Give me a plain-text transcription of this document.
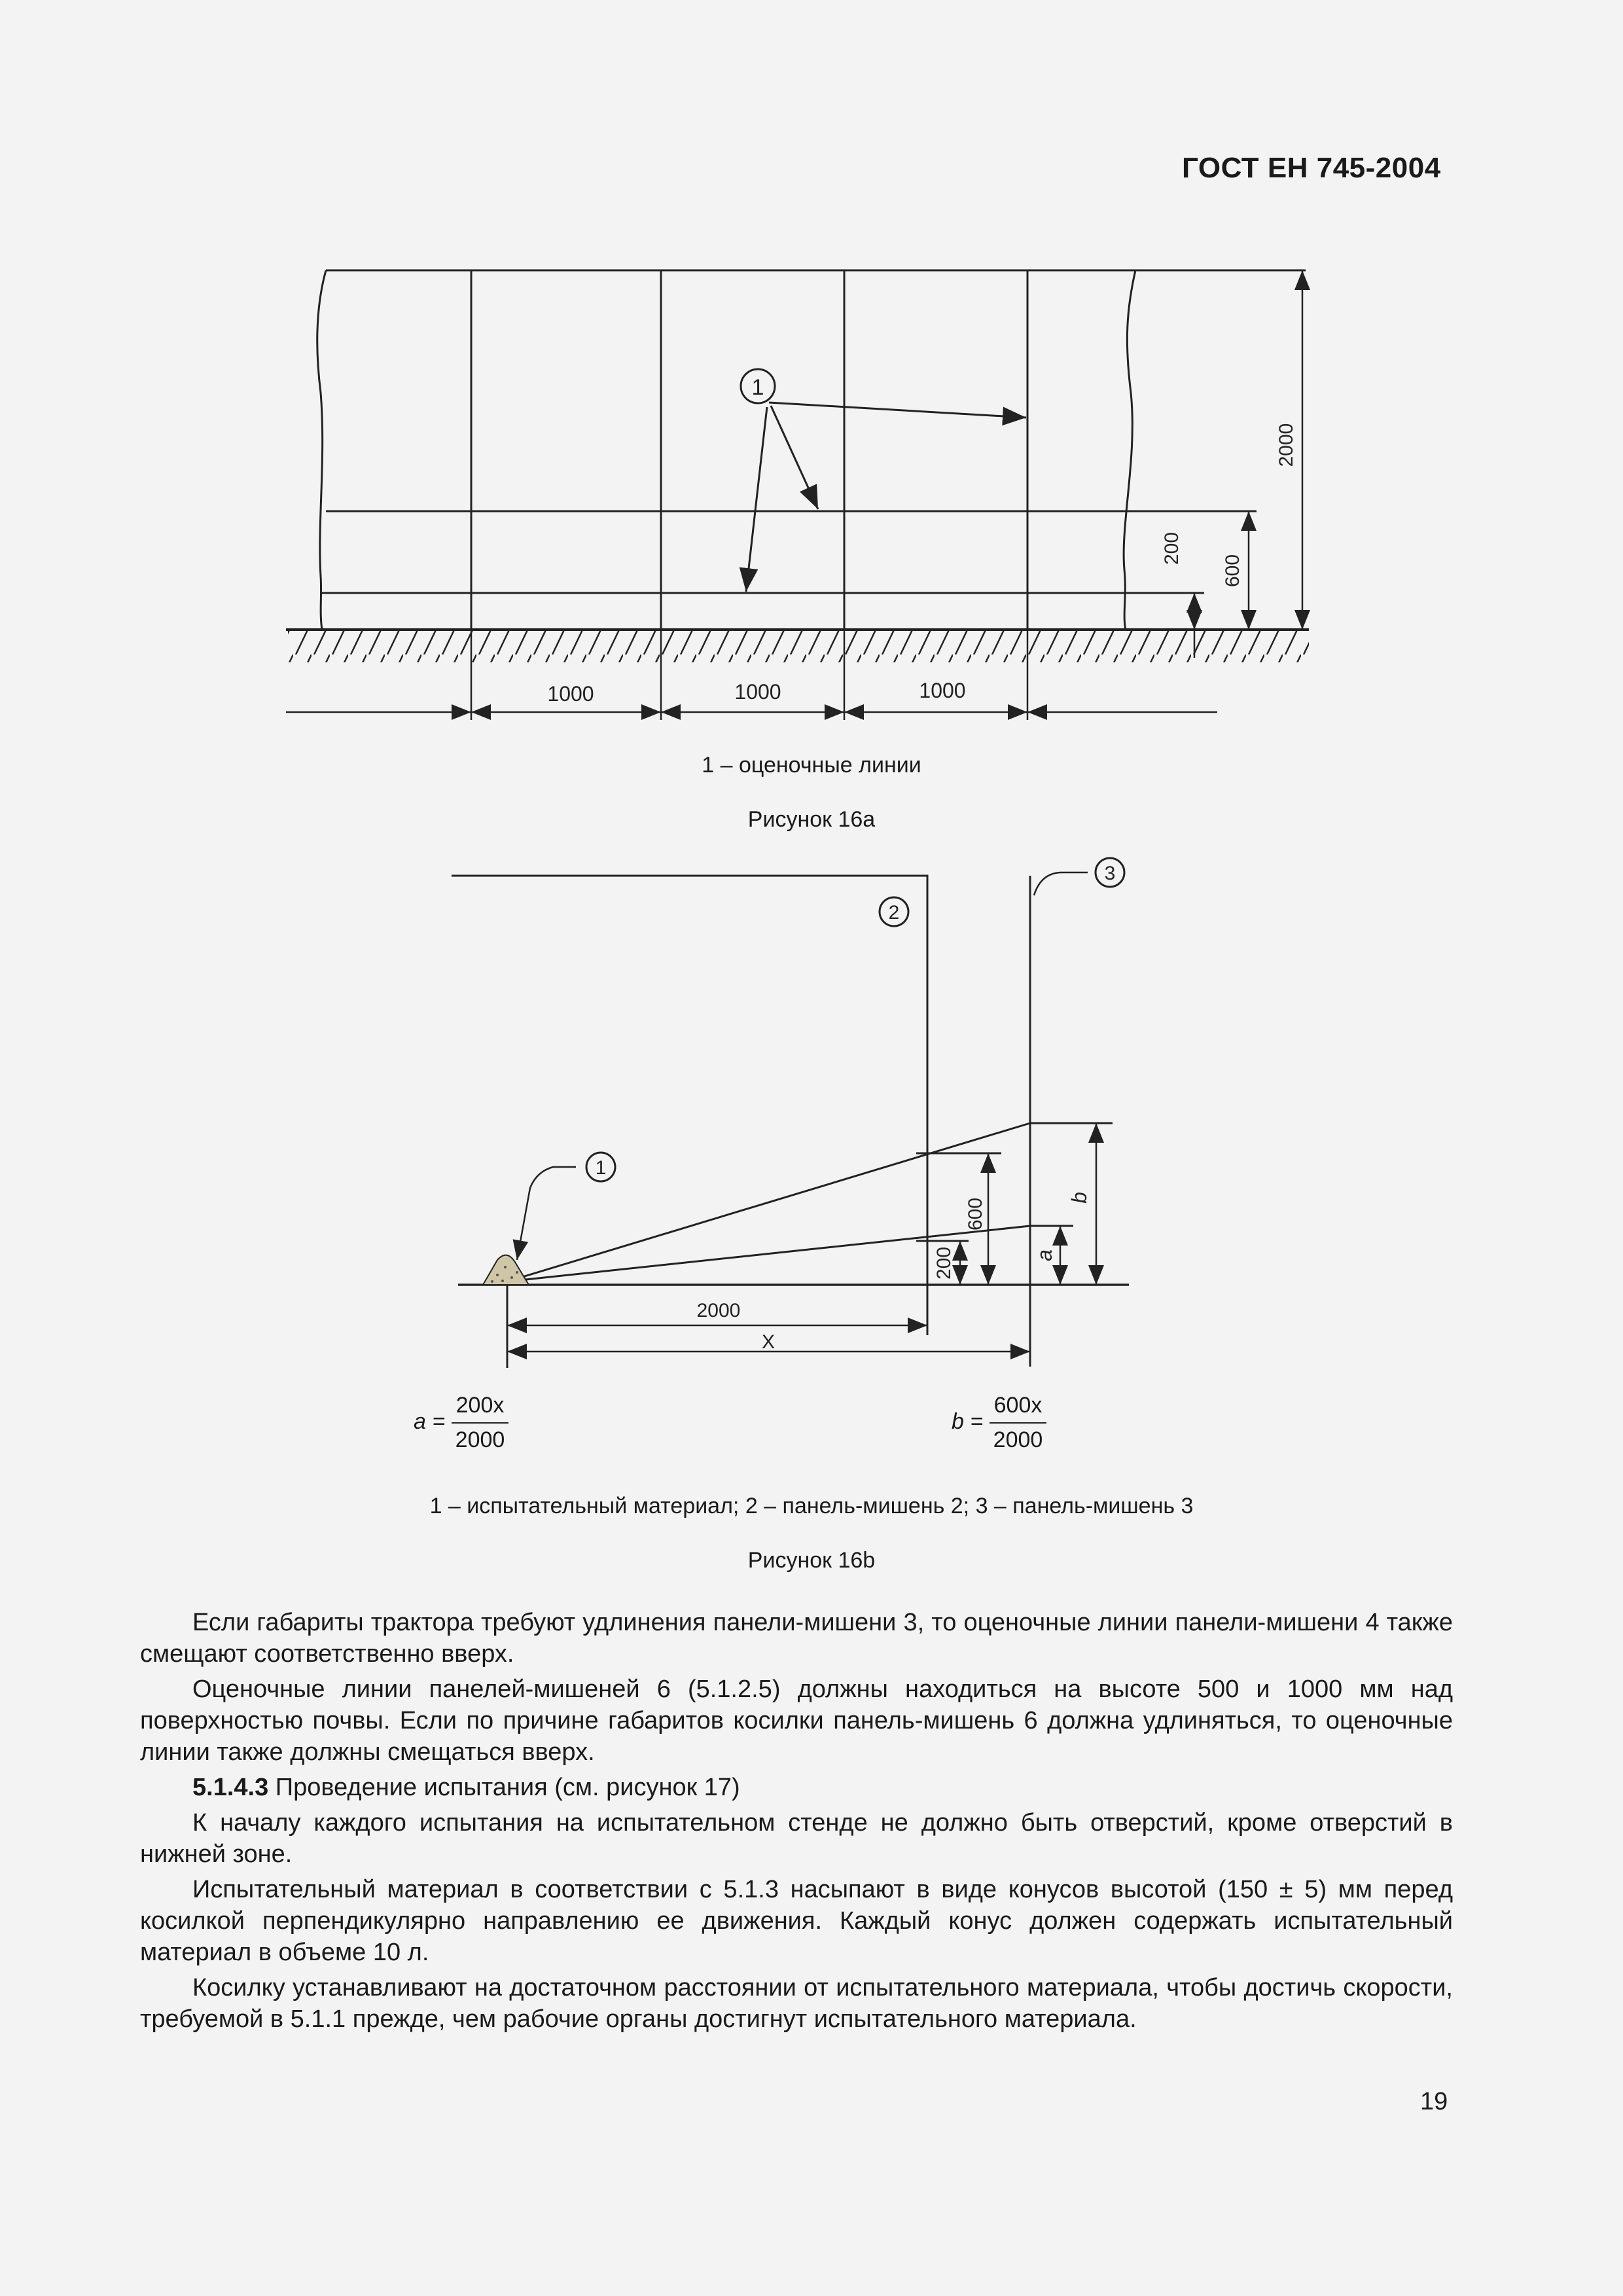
ГОСТ ЕН 745-2004
1
2000
600
200
1000	1000	1000
1 – оценочные линии
Рисунок 16а
600
200
b
a
2000
X
1
2
3
$a = \frac{200x}{2000}$	$b = \frac{600x}{2000}$
1 – испытательный материал; 2 – панель-мишень 2; 3 – панель-мишень 3
Рисунок 16b

Если габариты трактора требуют удлинения панели-мишени 3, то оценочные линии панели-мишени 4 также смещают соответственно вверх.

Оценочные линии панелей-мишеней 6 (5.1.2.5) должны находиться на высоте 500 и 1000 мм над поверхностью почвы. Если по причине габаритов косилки панель-мишень 6 должна удлиняться, то оценочные линии также должны смещаться вверх.

5.1.4.3 Проведение испытания (см. рисунок 17)

К началу каждого испытания на испытательном стенде не должно быть отверстий, кроме отверстий в нижней зоне.

Испытательный материал в соответствии с 5.1.3 насыпают в виде конусов высотой (150 ± 5) мм перед косилкой перпендикулярно направлению ее движения. Каждый конус должен содержать испытательный материал в объеме 10 л.

Косилку устанавливают на достаточном расстоянии от испытательного материала, чтобы достичь скорости, требуемой в 5.1.1 прежде, чем рабочие органы достигнут испытательного материала.

19
